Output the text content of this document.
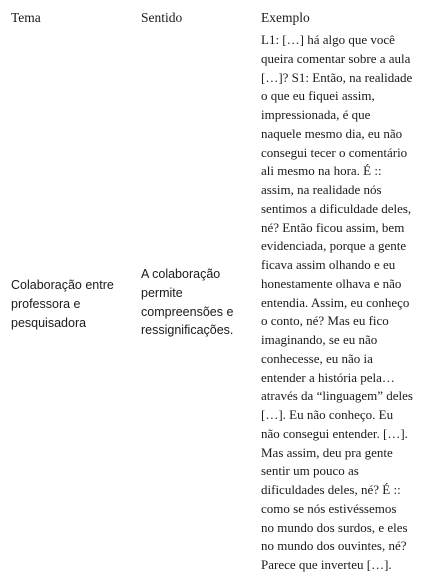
Tema	Sentido	Exemplo
Colaboração entre
professora e
pesquisadora
A colaboração
permite
compreensões e
ressignificações.
L1: […] há algo que você
queira comentar sobre a aula
[…]? S1: Então, na realidade
o que eu fiquei assim,
impressionada, é que
naquele mesmo dia, eu não
consegui tecer o comentário
ali mesmo na hora. É ::
assim, na realidade nós
sentimos a dificuldade deles,
né? Então ficou assim, bem
evidenciada, porque a gente
ficava assim olhando e eu
honestamente olhava e não
entendia. Assim, eu conheço
o conto, né? Mas eu fico
imaginando, se eu não
conhecesse, eu não ia
entender a história pela…
através da “linguagem” deles
[…]. Eu não conheço. Eu
não consegui entender. […].
Mas assim, deu pra gente
sentir um pouco as
dificuldades deles, né? É ::
como se nós estivéssemos
no mundo dos surdos, e eles
no mundo dos ouvintes, né?
Parece que inverteu […].
